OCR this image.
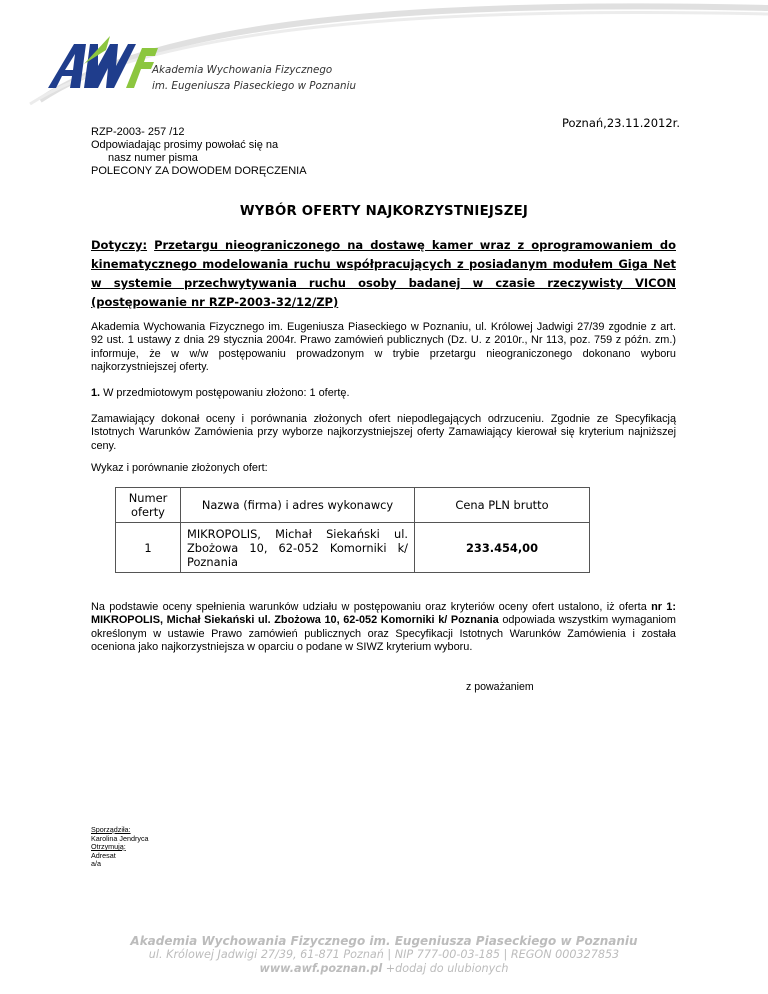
Akademia Wychowania Fizycznego
im. Eugeniusza Piaseckiego w Poznaniu
Poznań,23.11.2012r.
RZP-2003- 257 /12
Odpowiadając prosimy powołać się na
nasz numer pisma
POLECONY ZA DOWODEM DORĘCZENIA
WYBÓR OFERTY NAJKORZYSTNIEJSZEJ
Dotyczy: Przetargu nieograniczonego na dostawę kamer wraz z oprogramowaniem do kinematycznego modelowania ruchu współpracujących z posiadanym modułem Giga Net w systemie przechwytywania ruchu osoby badanej w czasie rzeczywisty VICON (postępowanie nr RZP-2003-32/12/ZP)
Akademia Wychowania Fizycznego im. Eugeniusza Piaseckiego w Poznaniu, ul. Królowej Jadwigi 27/39 zgodnie z art. 92 ust. 1 ustawy z dnia 29 stycznia 2004r. Prawo zamówień publicznych (Dz. U. z 2010r., Nr 113, poz. 759 z późn. zm.) informuje, że w w/w postępowaniu prowadzonym w trybie przetargu nieograniczonego dokonano wyboru najkorzystniejszej oferty.
1. W przedmiotowym postępowaniu złożono: 1 ofertę.
Zamawiający dokonał oceny i porównania złożonych ofert niepodlegających odrzuceniu. Zgodnie ze Specyfikacją Istotnych Warunków Zamówienia przy wyborze najkorzystniejszej oferty Zamawiający kierował się kryterium najniższej ceny.
Wykaz i porównanie złożonych ofert:
Numer oferty	Nazwa (firma) i adres wykonawcy	Cena PLN brutto
1	MIKROPOLIS, Michał Siekański ul. Zbożowa 10, 62-052 Komorniki k/ Poznania	233.454,00
Na podstawie oceny spełnienia warunków udziału w postępowaniu oraz kryteriów oceny ofert ustalono, iż oferta nr 1: MIKROPOLIS, Michał Siekański ul. Zbożowa 10, 62-052 Komorniki k/ Poznania odpowiada wszystkim wymaganiom określonym w ustawie Prawo zamówień publicznych oraz Specyfikacji Istotnych Warunków Zamówienia i została oceniona jako najkorzystniejsza w oparciu o podane w SIWZ kryterium wyboru.
z poważaniem
Sporządziła:
Karolina Jendryca
Otrzymują:
Adresat
a/a
Akademia Wychowania Fizycznego im. Eugeniusza Piaseckiego w Poznaniu
ul. Królowej Jadwigi 27/39, 61-871 Poznań | NIP 777-00-03-185 | REGON 000327853
www.awf.poznan.pl +dodaj do ulubionych
